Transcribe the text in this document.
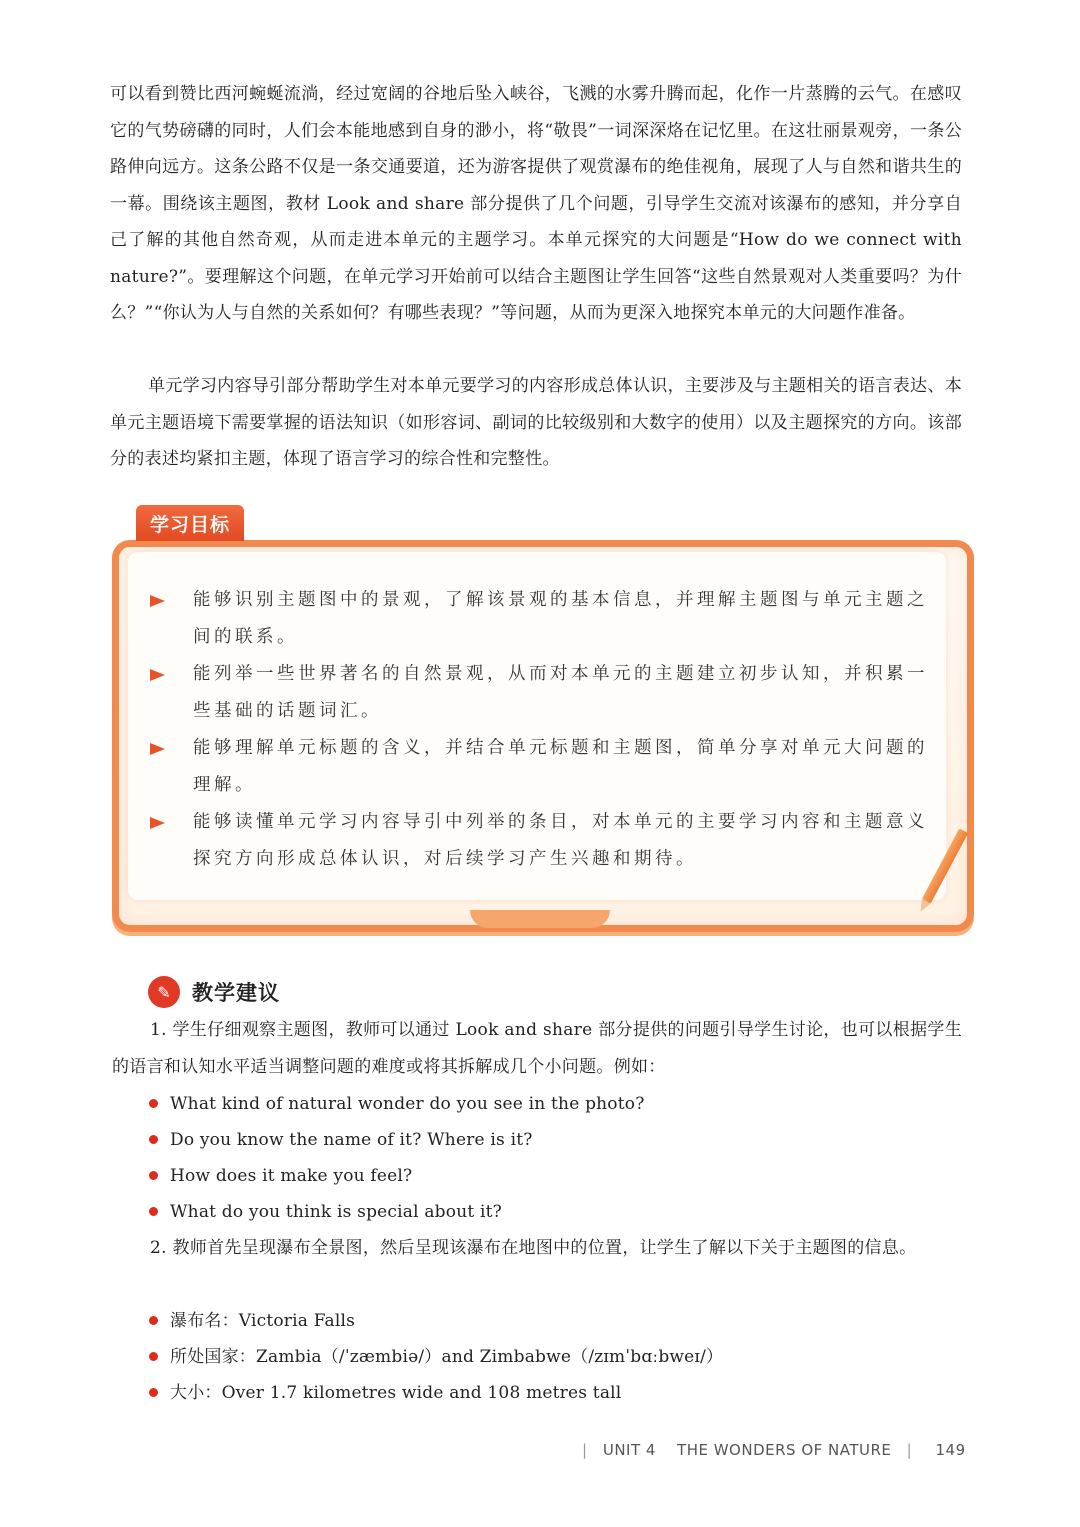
可以看到赞比西河蜿蜒流淌，经过宽阔的谷地后坠入峡谷，飞溅的水雾升腾而起，化作一片蒸腾的云气。在感叹它的气势磅礴的同时，人们会本能地感到自身的渺小，将“敬畏”一词深深烙在记忆里。在这壮丽景观旁，一条公路伸向远方。这条公路不仅是一条交通要道，还为游客提供了观赏瀑布的绝佳视角，展现了人与自然和谐共生的一幕。围绕该主题图，教材 Look and share 部分提供了几个问题，引导学生交流对该瀑布的感知，并分享自己了解的其他自然奇观，从而走进本单元的主题学习。本单元探究的大问题是“How do we connect with nature?”。要理解这个问题，在单元学习开始前可以结合主题图让学生回答“这些自然景观对人类重要吗？为什么？”“你认为人与自然的关系如何？有哪些表现？”等问题，从而为更深入地探究本单元的大问题作准备。

单元学习内容导引部分帮助学生对本单元要学习的内容形成总体认识，主要涉及与主题相关的语言表达、本单元主题语境下需要掌握的语法知识（如形容词、副词的比较级别和大数字的使用）以及主题探究的方向。该部分的表述均紧扣主题，体现了语言学习的综合性和完整性。

学习目标
能够识别主题图中的景观，了解该景观的基本信息，并理解主题图与单元主题之间的联系。
能列举一些世界著名的自然景观，从而对本单元的主题建立初步认知，并积累一些基础的话题词汇。
能够理解单元标题的含义，并结合单元标题和主题图，简单分享对单元大问题的理解。
能够读懂单元学习内容导引中列举的条目，对本单元的主要学习内容和主题意义探究方向形成总体认识，对后续学习产生兴趣和期待。
✎	教学建议

1. 学生仔细观察主题图，教师可以通过 Look and share 部分提供的问题引导学生讨论，也可以根据学生的语言和认知水平适当调整问题的难度或将其拆解成几个小问题。例如：

What kind of natural wonder do you see in the photo?
Do you know the name of it? Where is it?
How does it make you feel?
What do you think is special about it?

2. 教师首先呈现瀑布全景图，然后呈现该瀑布在地图中的位置，让学生了解以下关于主题图的信息。

瀑布名：Victoria Falls
所处国家：Zambia（/ˈzæmbiə/）and Zimbabwe（/zɪmˈbɑːbweɪ/）
大小：Over 1.7 kilometres wide and 108 metres tall
| UNIT 4 THE WONDERS OF NATURE | 149
